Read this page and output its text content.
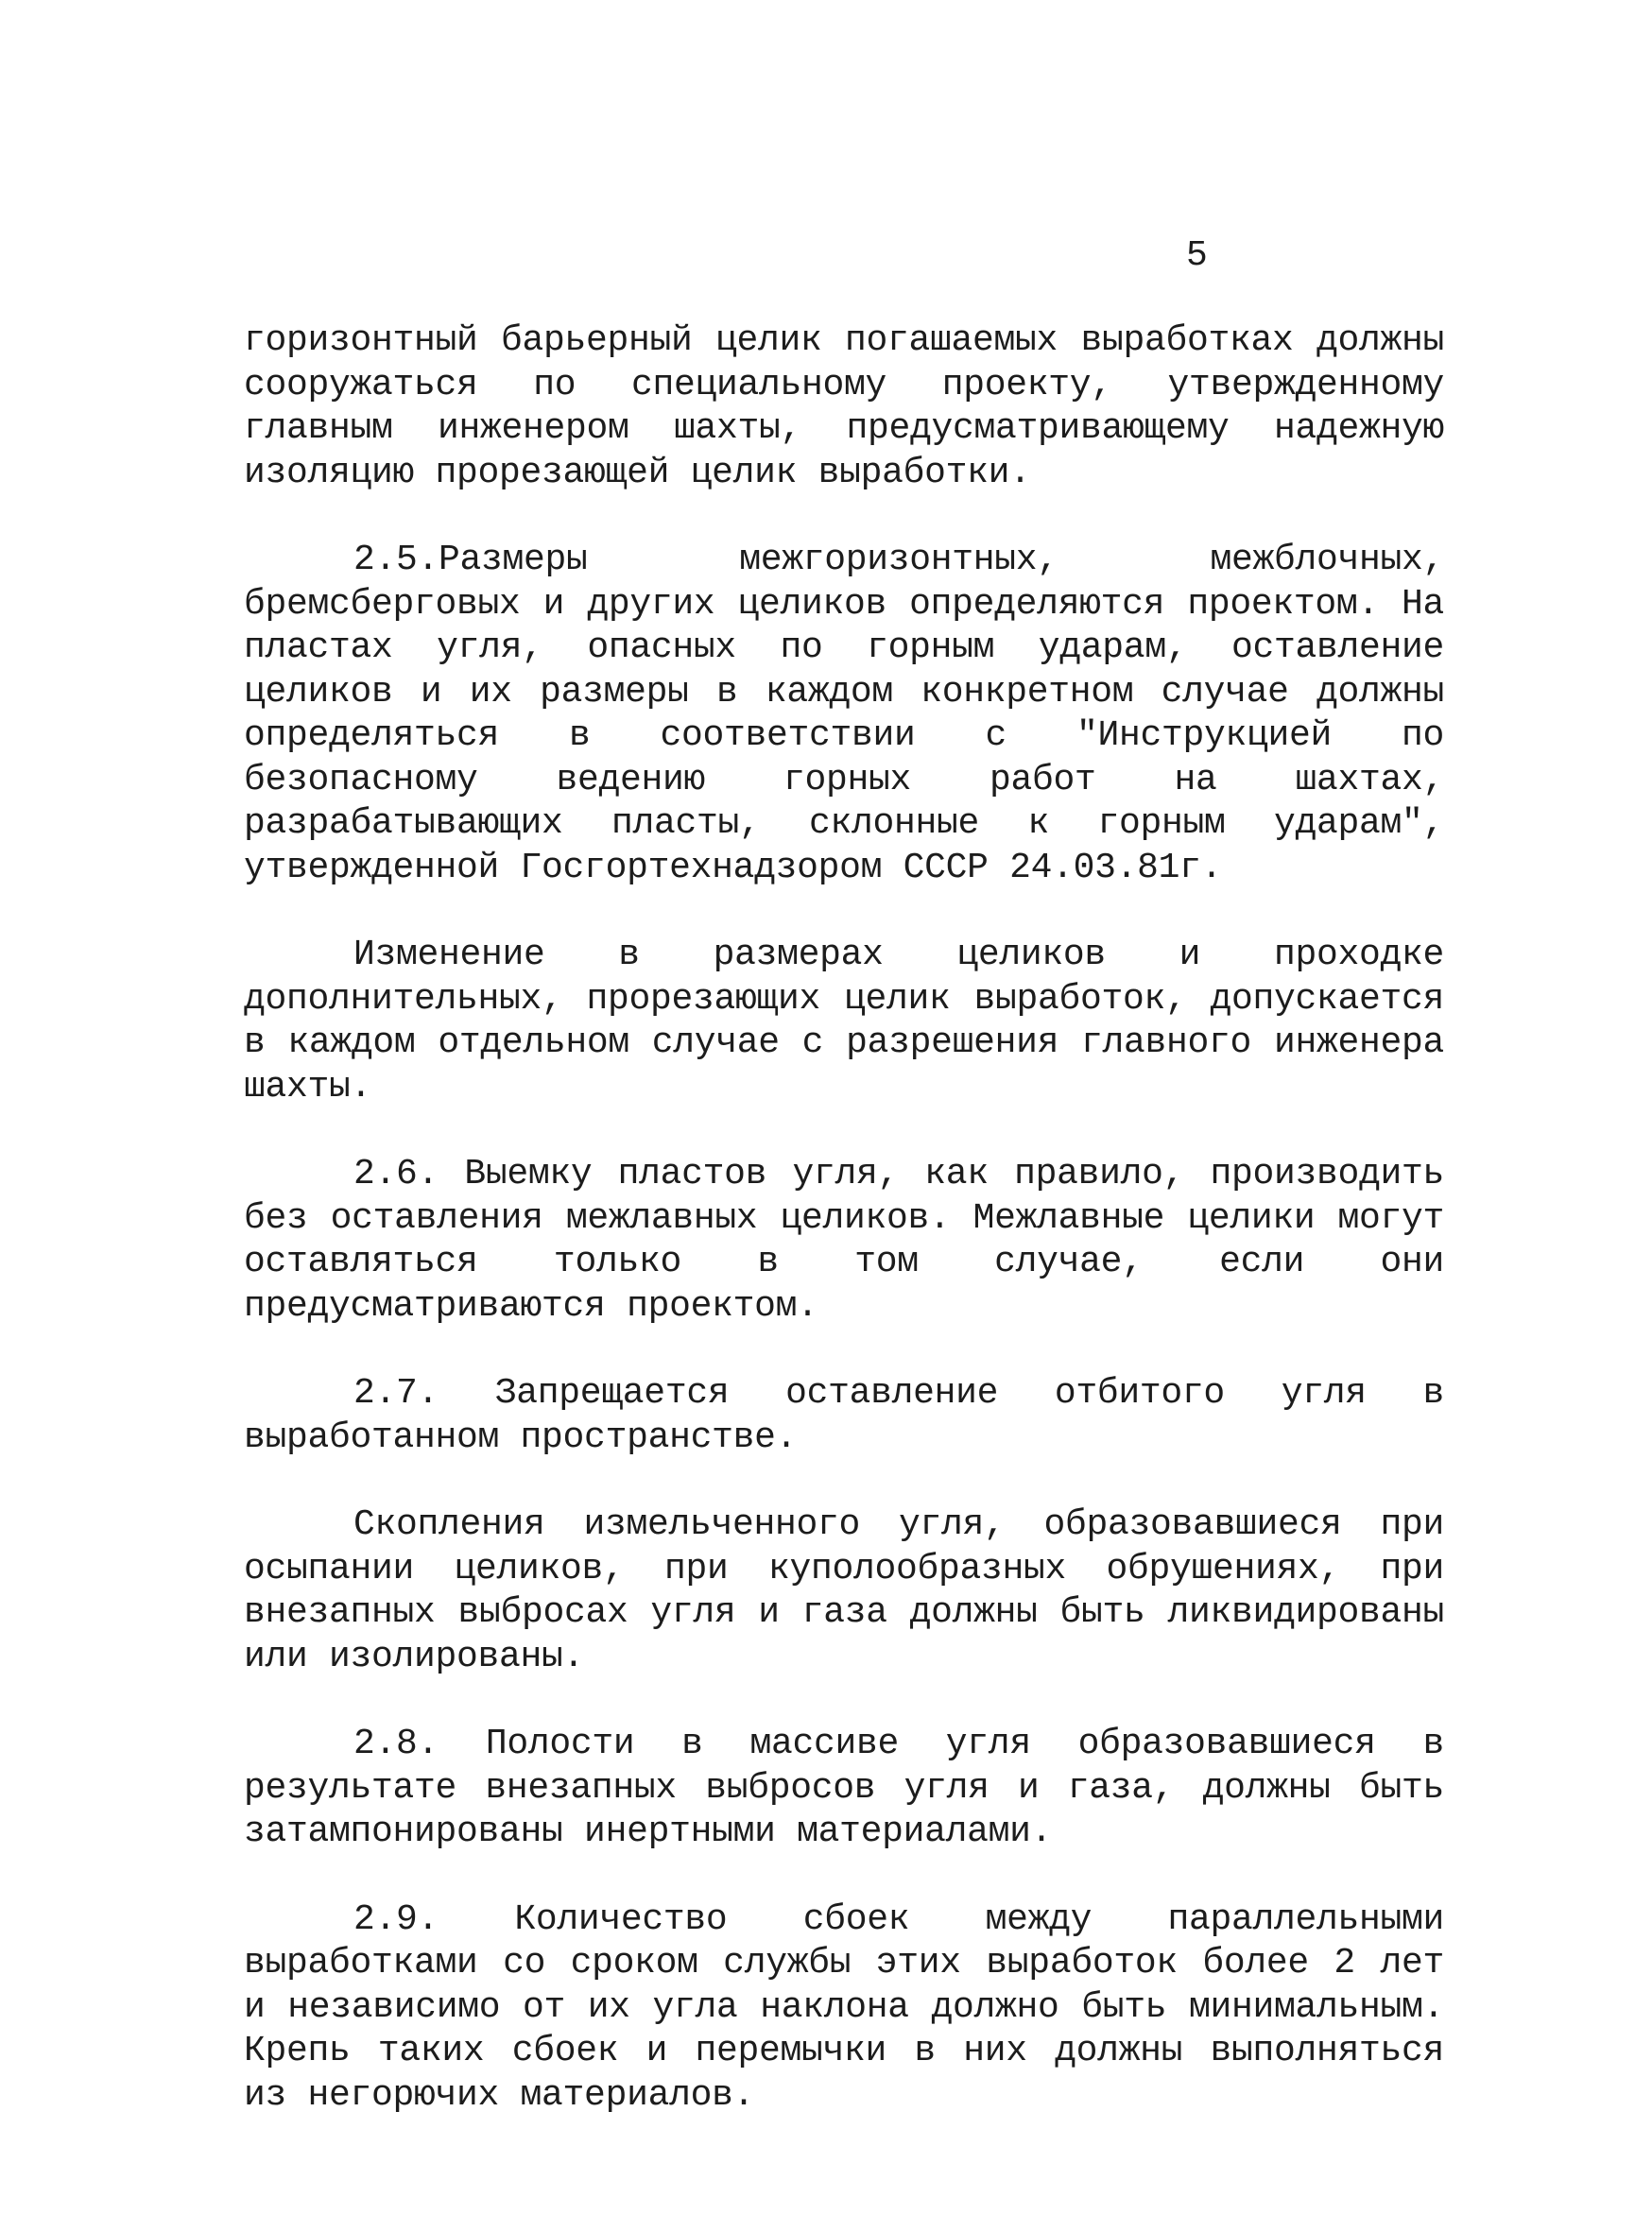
5

горизонтный барьерный целик погашаемых выработках должны сооружаться по специальному проекту, утвержденному главным инженером шахты, предусматривающему надежную изоляцию прорезающей целик выработки.

2.5.Размеры межгоризонтных, межблочных, бремсберговых и других целиков определяются проектом. На пластах угля, опасных по горным ударам, оставление целиков и их размеры в каждом конкретном случае должны определяться в соответствии с "Инструкцией по безопасному ведению горных работ на шахтах, разрабатывающих пласты, склонные к горным ударам", утвержденной Госгортехнадзором СССР 24.03.81г.

Изменение в размерах целиков и проходке дополнительных, прорезающих целик выработок, допускается в каждом отдельном случае с разрешения главного инженера шахты.

2.6. Выемку пластов угля, как правило, производить без оставления межлавных целиков. Межлавные целики могут оставляться только в том случае, если они предусматриваются проектом.

2.7. Запрещается оставление отбитого угля в выработанном пространстве.

Скопления измельченного угля, образовавшиеся при осыпании целиков, при куполообразных обрушениях, при внезапных выбросах угля и газа должны быть ликвидированы или изолированы.

2.8. Полости в массиве угля образовавшиеся в результате внезапных выбросов угля и газа, должны быть затампонированы инертными материалами.

2.9. Количество сбоек между параллельными выработками со сроком службы этих выработок более 2 лет и независимо от их угла наклона должно быть минимальным. Крепь таких сбоек и перемычки в них должны выполняться из негорючих материалов.
